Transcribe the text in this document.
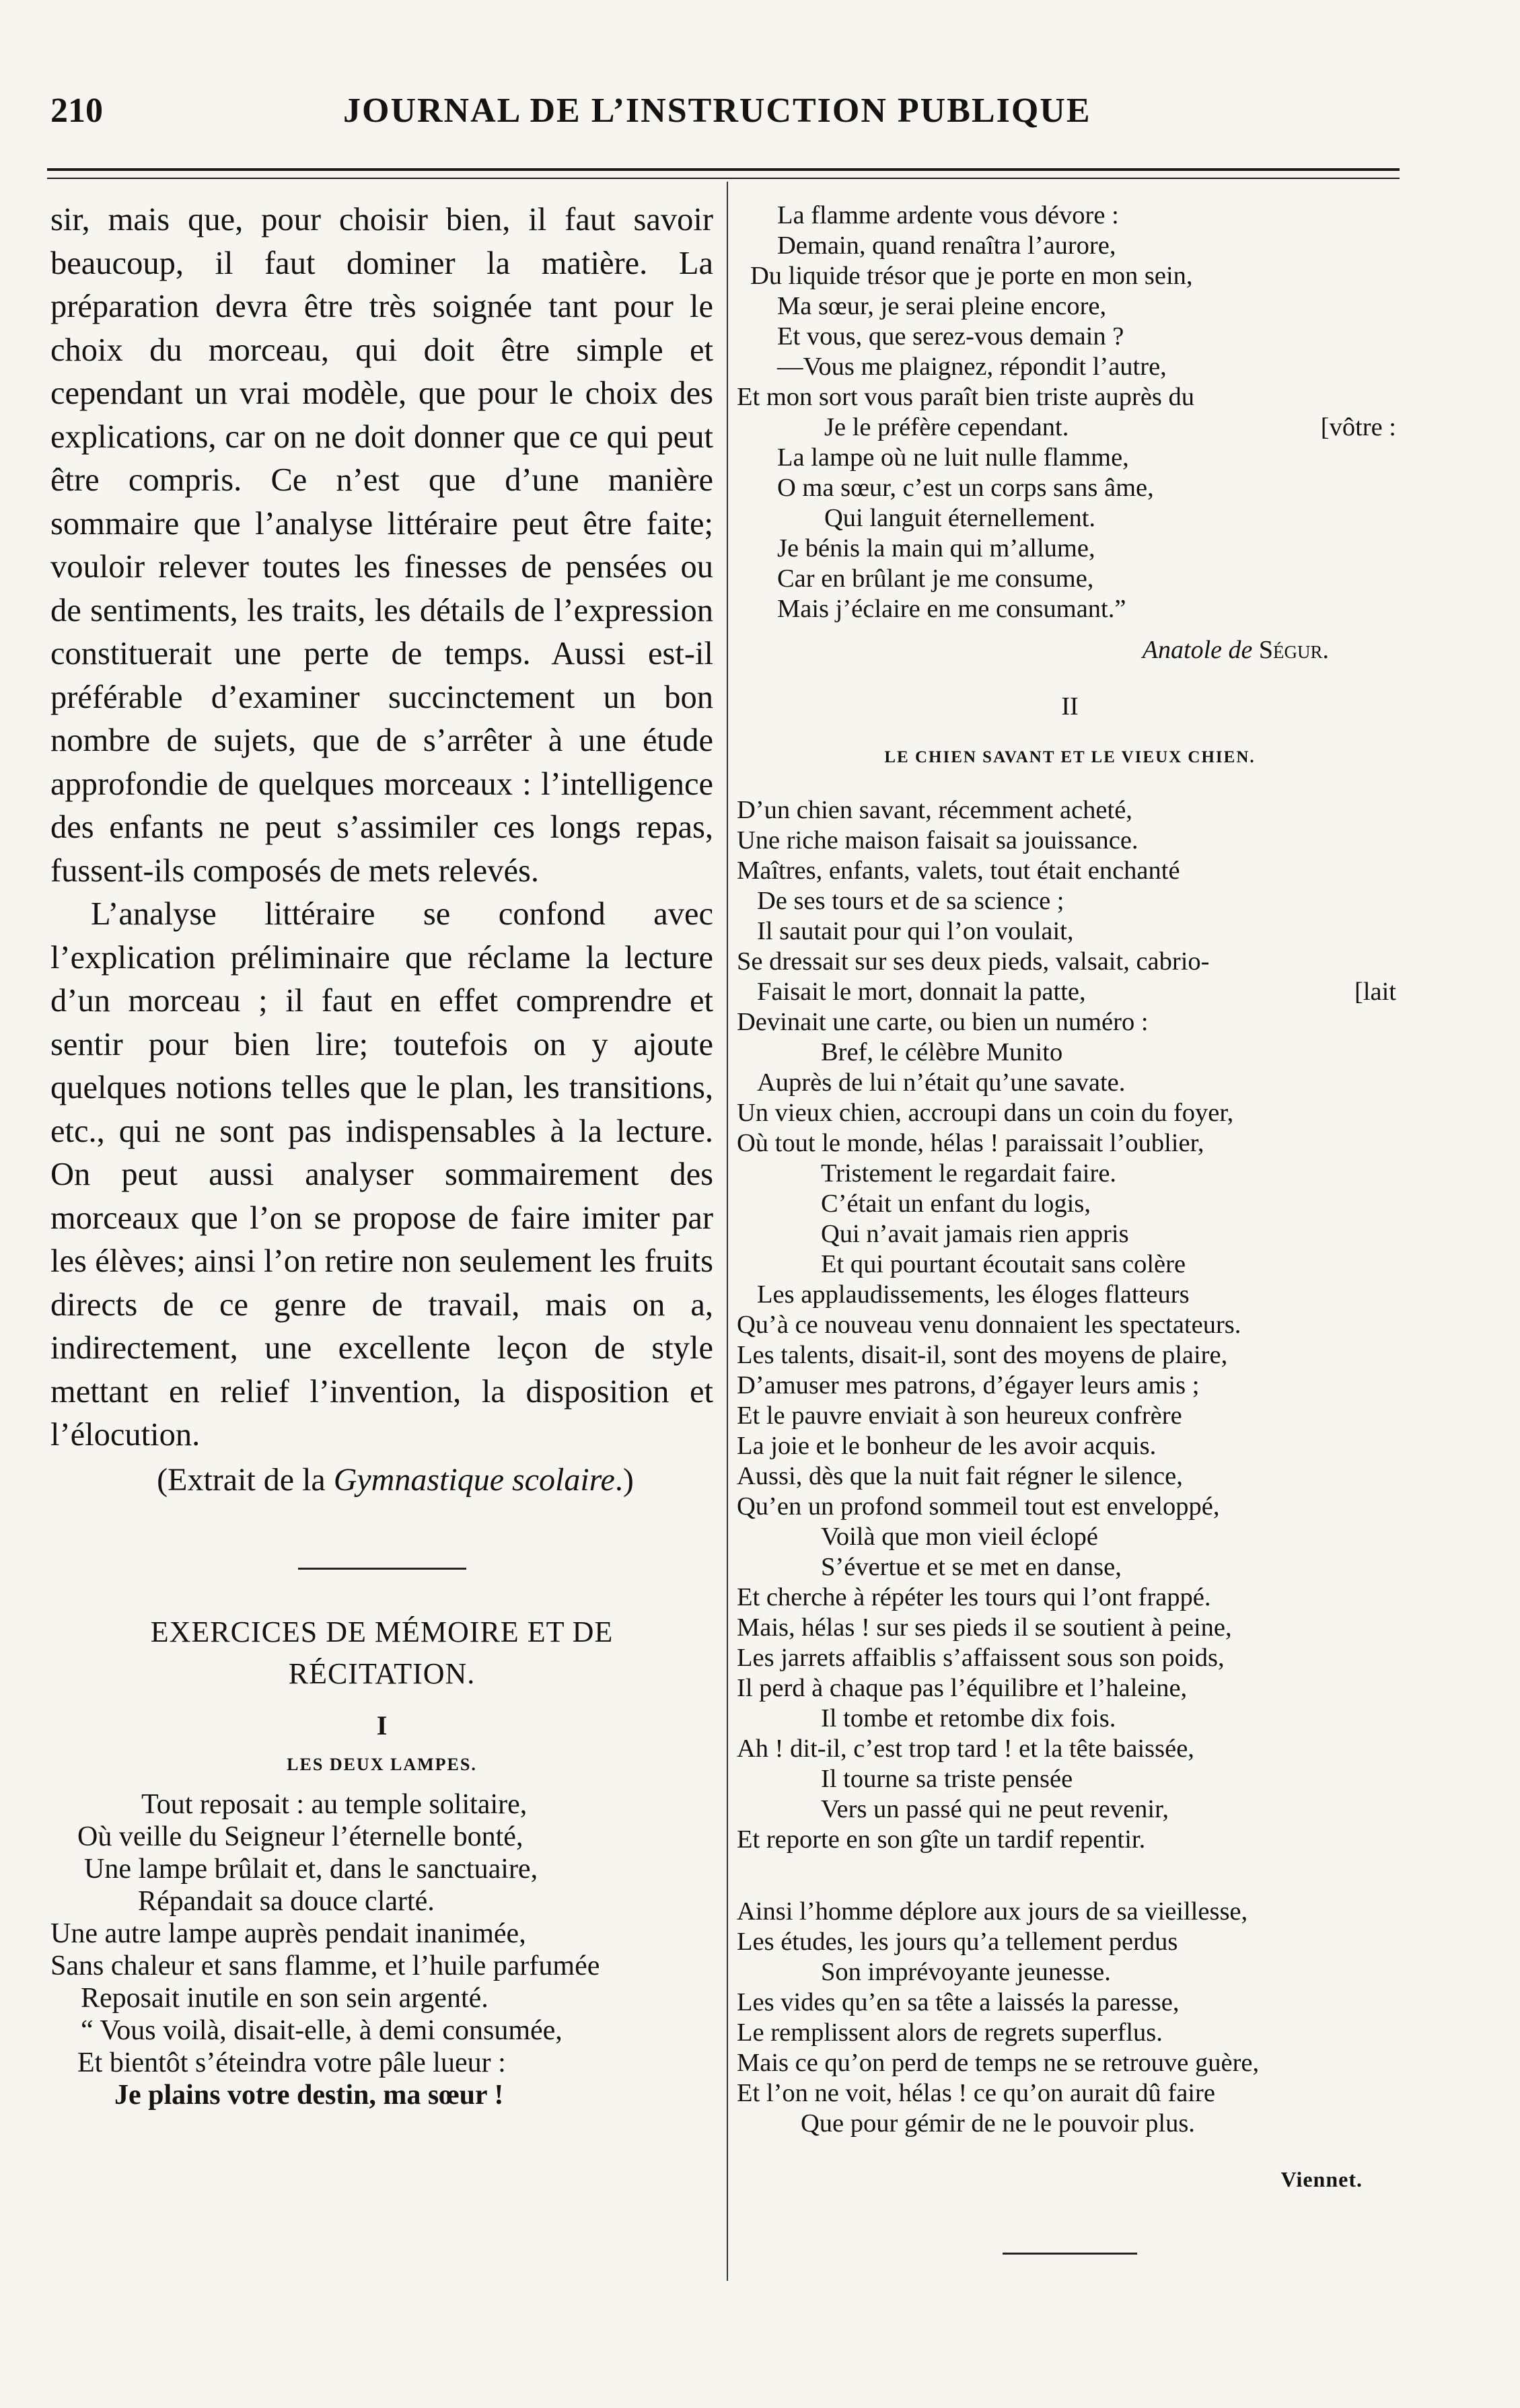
210	JOURNAL DE L’INSTRUCTION PUBLIQUE

sir, mais que, pour choisir bien, il faut savoir beaucoup, il faut dominer la matière. La préparation devra être très soignée tant pour le choix du morceau, qui doit être simple et cependant un vrai modèle, que pour le choix des explications, car on ne doit donner que ce qui peut être compris. Ce n’est que d’une manière sommaire que l’analyse littéraire peut être faite; vouloir relever toutes les finesses de pensées ou de sentiments, les traits, les détails de l’expression constituerait une perte de temps. Aussi est-il préférable d’examiner succinctement un bon nombre de sujets, que de s’arrêter à une étude approfondie de quelques morceaux : l’intelligence des enfants ne peut s’assimiler ces longs repas, fussent-ils composés de mets relevés.

L’analyse littéraire se confond avec l’explication préliminaire que réclame la lecture d’un morceau ; il faut en effet comprendre et sentir pour bien lire; toutefois on y ajoute quelques notions telles que le plan, les transitions, etc., qui ne sont pas indispensables à la lecture. On peut aussi analyser sommairement des morceaux que l’on se propose de faire imiter par les élèves; ainsi l’on retire non seulement les fruits directs de ce genre de travail, mais on a, indirectement, une excellente leçon de style mettant en relief l’invention, la disposition et l’élocution.

(Extrait de la Gymnastique scolaire.)
EXERCICES DE MÉMOIRE ET DE
RÉCITATION.
I
LES DEUX LAMPES.
Tout reposait : au temple solitaire,
Où veille du Seigneur l’éternelle bonté,
Une lampe brûlait et, dans le sanctuaire,
Répandait sa douce clarté.
Une autre lampe auprès pendait inanimée,
Sans chaleur et sans flamme, et l’huile parfumée
Reposait inutile en son sein argenté.
“ Vous voilà, disait-elle, à demi consumée,
Et bientôt s’éteindra votre pâle lueur :
Je plains votre destin, ma sœur !
La flamme ardente vous dévore :
Demain, quand renaîtra l’aurore,
Du liquide trésor que je porte en mon sein,
Ma sœur, je serai pleine encore,
Et vous, que serez-vous demain ?
—Vous me plaignez, répondit l’autre,
Et mon sort vous paraît bien triste auprès du
Je le préfère cependant.	[vôtre :
La lampe où ne luit nulle flamme,
O ma sœur, c’est un corps sans âme,
Qui languit éternellement.
Je bénis la main qui m’allume,
Car en brûlant je me consume,
Mais j’éclaire en me consumant.”
Anatole de Ségur.
II
LE CHIEN SAVANT ET LE VIEUX CHIEN.
D’un chien savant, récemment acheté,
Une riche maison faisait sa jouissance.
Maîtres, enfants, valets, tout était enchanté
De ses tours et de sa science ;
Il sautait pour qui l’on voulait,
Se dressait sur ses deux pieds, valsait, cabrio-
Faisait le mort, donnait la patte,	[lait
Devinait une carte, ou bien un numéro :
Bref, le célèbre Munito
Auprès de lui n’était qu’une savate.
Un vieux chien, accroupi dans un coin du foyer,
Où tout le monde, hélas ! paraissait l’oublier,
Tristement le regardait faire.
C’était un enfant du logis,
Qui n’avait jamais rien appris
Et qui pourtant écoutait sans colère
Les applaudissements, les éloges flatteurs
Qu’à ce nouveau venu donnaient les spectateurs.
Les talents, disait-il, sont des moyens de plaire,
D’amuser mes patrons, d’égayer leurs amis ;
Et le pauvre enviait à son heureux confrère
La joie et le bonheur de les avoir acquis.
Aussi, dès que la nuit fait régner le silence,
Qu’en un profond sommeil tout est enveloppé,
Voilà que mon vieil éclopé
S’évertue et se met en danse,
Et cherche à répéter les tours qui l’ont frappé.
Mais, hélas ! sur ses pieds il se soutient à peine,
Les jarrets affaiblis s’affaissent sous son poids,
Il perd à chaque pas l’équilibre et l’haleine,
Il tombe et retombe dix fois.
Ah ! dit-il, c’est trop tard ! et la tête baissée,
Il tourne sa triste pensée
Vers un passé qui ne peut revenir,
Et reporte en son gîte un tardif repentir.
Ainsi l’homme déplore aux jours de sa vieillesse,
Les études, les jours qu’a tellement perdus
Son imprévoyante jeunesse.
Les vides qu’en sa tête a laissés la paresse,
Le remplissent alors de regrets superflus.
Mais ce qu’on perd de temps ne se retrouve guère,
Et l’on ne voit, hélas ! ce qu’on aurait dû faire
Que pour gémir de ne le pouvoir plus.
Viennet.
